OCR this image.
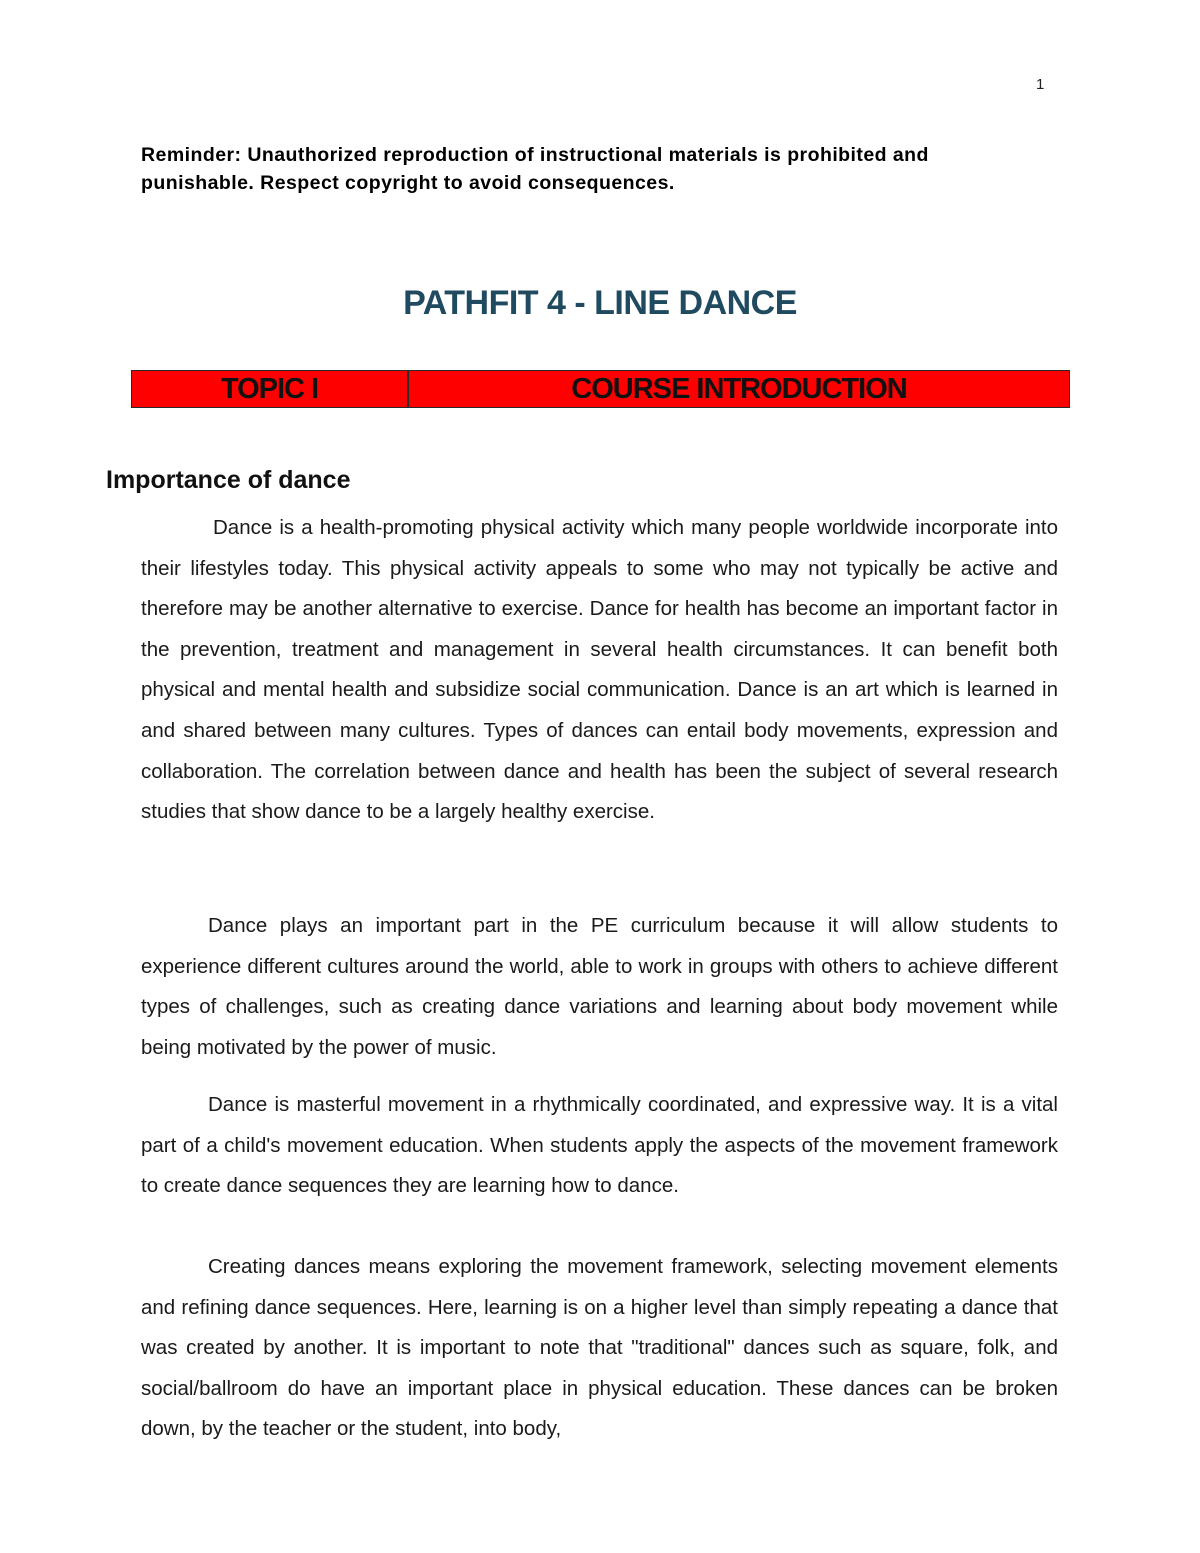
1
Reminder: Unauthorized reproduction of instructional materials is prohibited and punishable. Respect copyright to avoid consequences.
PATHFIT 4 - LINE DANCE
TOPIC I	COURSE INTRODUCTION
Importance of dance

Dance is a health-promoting physical activity which many people worldwide incorporate into their lifestyles today. This physical activity appeals to some who may not typically be active and therefore may be another alternative to exercise. Dance for health has become an important factor in the prevention, treatment and management in several health circumstances. It can benefit both physical and mental health and subsidize social communication. Dance is an art which is learned in and shared between many cultures. Types of dances can entail body movements, expression and collaboration. The correlation between dance and health has been the subject of several research studies that show dance to be a largely healthy exercise.

Dance plays an important part in the PE curriculum because it will allow students to experience different cultures around the world, able to work in groups with others to achieve different types of challenges, such as creating dance variations and learning about body movement while being motivated by the power of music.

Dance is masterful movement in a rhythmically coordinated, and expressive way. It is a vital part of a child's movement education. When students apply the aspects of the movement framework to create dance sequences they are learning how to dance.

Creating dances means exploring the movement framework, selecting movement elements and refining dance sequences. Here, learning is on a higher level than simply repeating a dance that was created by another. It is important to note that "traditional" dances such as square, folk, and social/ballroom do have an important place in physical education. These dances can be broken down, by the teacher or the student, into body,
